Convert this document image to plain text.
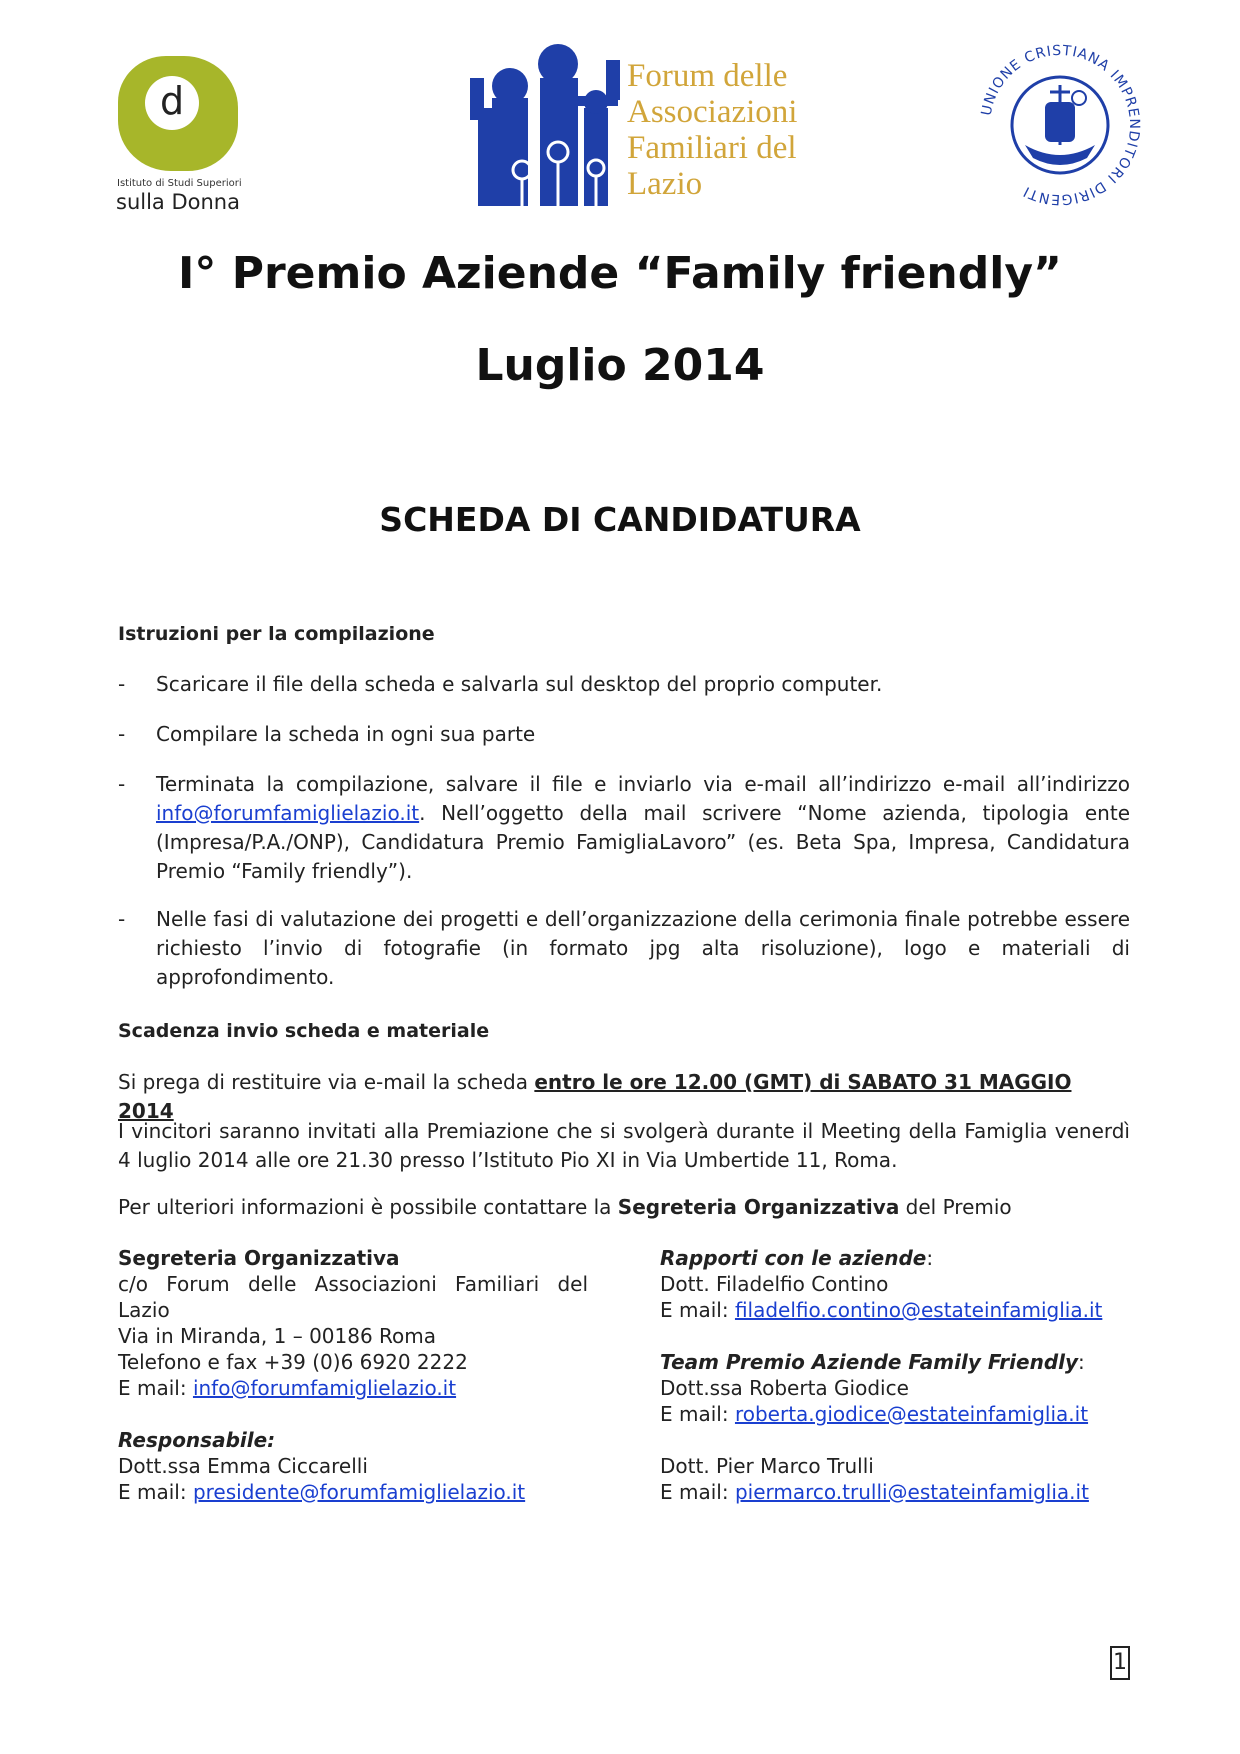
d
Istituto di Studi Superiori
sulla Donna
Forum delle
Associazioni
Familiari del
Lazio
UNIONE CRISTIANA IMPRENDITORI DIRIGENTI
I° Premio Aziende “Family friendly”
Luglio 2014
SCHEDA DI CANDIDATURA
Istruzioni per la compilazione
-	Scaricare il file della scheda e salvarla sul desktop del proprio computer.
-	Compilare la scheda in ogni sua parte
-	Terminata la compilazione, salvare il file e inviarlo via e-mail all’indirizzo e-mail all’indirizzo info@forumfamiglielazio.it. Nell’oggetto della mail scrivere “Nome azienda, tipologia ente (Impresa/P.A./ONP), Candidatura Premio FamigliaLavoro” (es. Beta Spa, Impresa, Candidatura Premio “Family friendly”).
-	Nelle fasi di valutazione dei progetti e dell’organizzazione della cerimonia finale potrebbe essere richiesto l’invio di fotografie (in formato jpg alta risoluzione), logo e materiali di approfondimento.
Scadenza invio scheda e materiale
Si prega di restituire via e-mail la scheda entro le ore 12.00 (GMT) di SABATO 31 MAGGIO 2014
I vincitori saranno invitati alla Premiazione che si svolgerà durante il Meeting della Famiglia venerdì 4 luglio 2014 alle ore 21.30 presso l’Istituto Pio XI in Via Umbertide 11, Roma.
Per ulteriori informazioni è possibile contattare la Segreteria Organizzativa del Premio
Segreteria Organizzativa
c/o Forum delle Associazioni Familiari del
Lazio
Via in Miranda, 1 – 00186 Roma
Telefono e fax +39 (0)6 6920 2222
E mail: info@forumfamiglielazio.it
Responsabile:
Dott.ssa Emma Ciccarelli
E mail: presidente@forumfamiglielazio.it
Rapporti con le aziende:
Dott. Filadelfio Contino
E mail: filadelfio.contino@estateinfamiglia.it
Team Premio Aziende Family Friendly:
Dott.ssa Roberta Giodice
E mail: roberta.giodice@estateinfamiglia.it
Dott. Pier Marco Trulli
E mail: piermarco.trulli@estateinfamiglia.it
1
